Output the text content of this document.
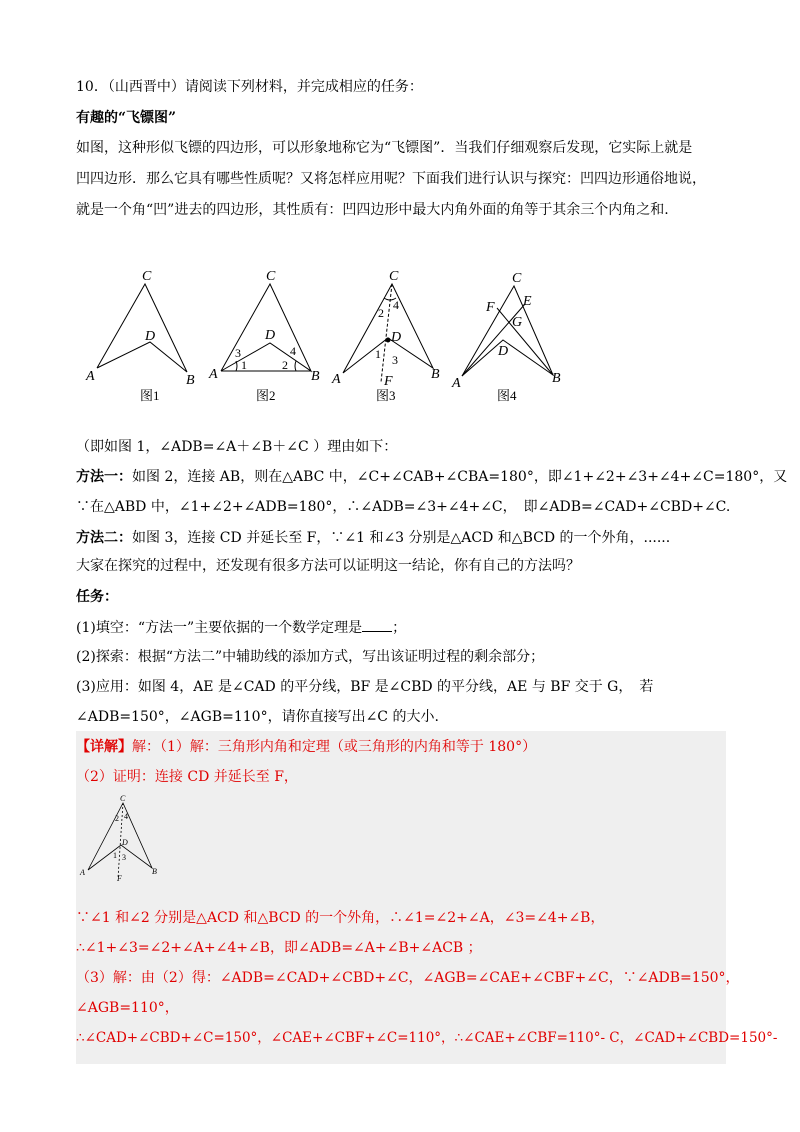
10．（山西晋中）请阅读下列材料，并完成相应的任务：
有趣的“飞镖图”
如图，这种形似飞镖的四边形，可以形象地称它为“飞镖图”．当我们仔细观察后发现，它实际上就是
凹四边形．那么它具有哪些性质呢？又将怎样应用呢？下面我们进行认识与探究：凹四边形通俗地说，
就是一个角“凹”进去的四边形，其性质有：凹四边形中最大内角外面的角等于其余三个内角之和.
C
D
A	B
C
D
A	B
1	2
3	4
C
D
A	B
F
1
2
3
4
C
E
F
G
D
A	B
图1	图2	图3	图4
（即如图 1，∠ADB=∠A＋∠B＋∠C ）理由如下：
方法一：如图 2，连接 AB，则在△ABC 中，∠C+∠CAB+∠CBA=180°，即∠1+∠2+∠3+∠4+∠C=180°，又
∵在△ABD 中，∠1+∠2+∠ADB=180°，∴∠ADB=∠3+∠4+∠C，　即∠ADB=∠CAD+∠CBD+∠C.
方法二：如图 3，连接 CD 并延长至 F，∵∠1 和∠3 分别是△ACD 和△BCD 的一个外角，......
大家在探究的过程中，还发现有很多方法可以证明这一结论，你有自己的方法吗？
任务：
(1)填空：“方法一”主要依据的一个数学定理是 ；
(2)探索：根据“方法二”中辅助线的添加方式，写出该证明过程的剩余部分；
(3)应用：如图 4，AE 是∠CAD 的平分线，BF 是∠CBD 的平分线，AE 与 BF 交于 G，　若
∠ADB=150°，∠AGB=110°，请你直接写出∠C 的大小.
【详解】解：（1）解：三角形内角和定理（或三角形的内角和等于 180°）
（2）证明：连接 CD 并延长至 F，
C
2 4
D
1 3
A
F
B
∵∠1 和∠2 分别是△ACD 和△BCD 的一个外角，∴∠1=∠2+∠A，∠3=∠4+∠B，
∴∠1+∠3=∠2+∠A+∠4+∠B，即∠ADB=∠A+∠B+∠ACB ；
（3）解：由（2）得：∠ADB=∠CAD+∠CBD+∠C，∠AGB=∠CAE+∠CBF+∠C，∵∠ADB=150°，
∠AGB=110°，
∴∠CAD+∠CBD+∠C=150°，∠CAE+∠CBF+∠C=110°，∴∠CAE+∠CBF=110°- C，∠CAD+∠CBD=150°-
